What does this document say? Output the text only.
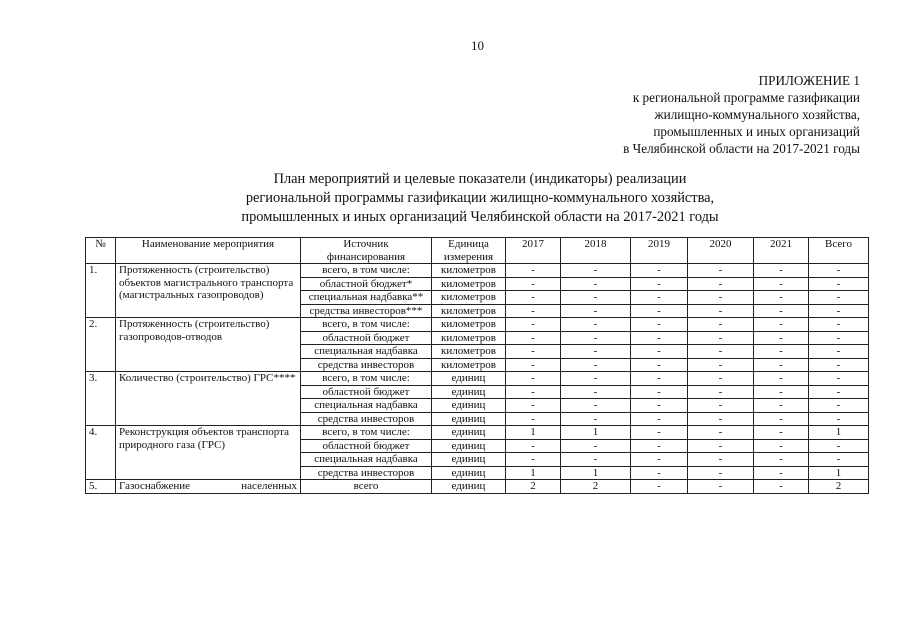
10
ПРИЛОЖЕНИЕ 1
к региональной программе газификации
жилищно-коммунального хозяйства,
промышленных и иных организаций
в Челябинской области на 2017-2021 годы
План мероприятий и целевые показатели (индикаторы) реализации
региональной программы газификации жилищно-коммунального хозяйства,
промышленных и иных организаций Челябинской области на 2017-2021 годы
№	Наименование мероприятия	Источник финансирования	Единица измерения	2017	2018	2019	2020	2021	Всего
1.	Протяженность (строительство) объектов магистрального транспорта (магистральных газопроводов)	всего, в том числе:	километров	-	-	-	-	-	-
		областной бюджет*	километров	-	-	-	-	-	-
		специальная надбавка**	километров	-	-	-	-	-	-
		средства инвесторов***	километров	-	-	-	-	-	-
2.	Протяженность (строительство) газопроводов-отводов	всего, в том числе:	километров	-	-	-	-	-	-
		областной бюджет	километров	-	-	-	-	-	-
		специальная надбавка	километров	-	-	-	-	-	-
		средства инвесторов	километров	-	-	-	-	-	-
3.	Количество (строительство) ГРС****	всего, в том числе:	единиц	-	-	-	-	-	-
		областной бюджет	единиц	-	-	-	-	-	-
		специальная надбавка	единиц	-	-	-	-	-	-
		средства инвесторов	единиц	-	-	-	-	-	-
4.	Реконструкция объектов транспорта природного газа (ГРС)	всего, в том числе:	единиц	1	1	-	-	-	1
		областной бюджет	единиц	-	-	-	-	-	-
		специальная надбавка	единиц	-	-	-	-	-	-
		средства инвесторов	единиц	1	1	-	-	-	1
5.	Газоснабжение населенных	всего	единиц	2	2	-	-	-	2
